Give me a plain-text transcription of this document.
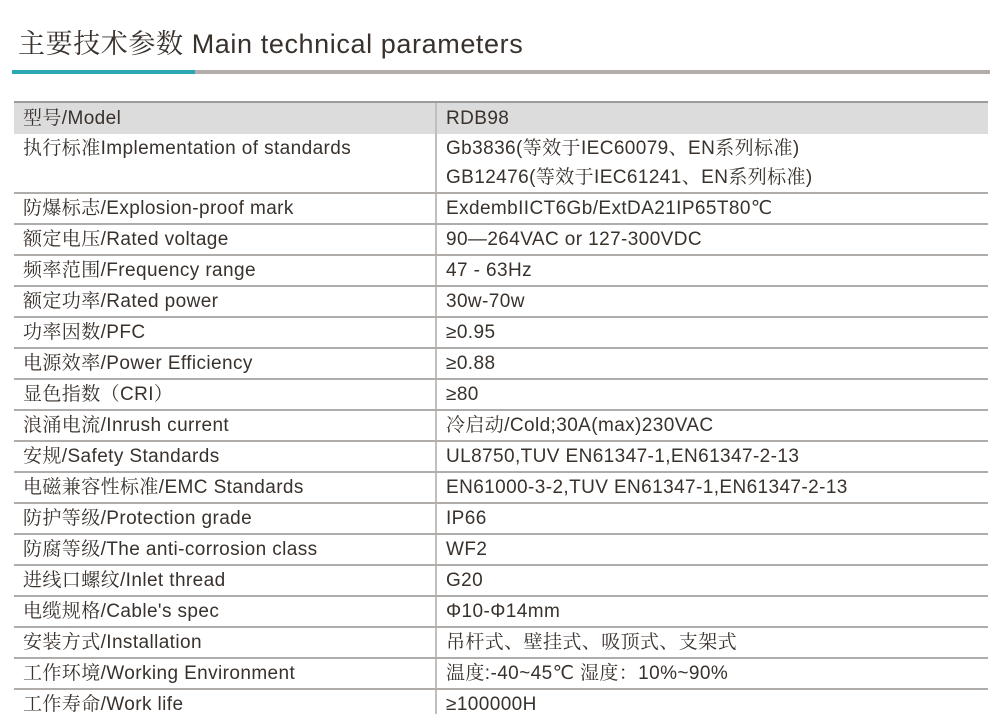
主要技术参数 Main technical parameters
型号/Model	RDB98
执行标准Implementation of standards	Gb3836(等效于IEC60079、EN系列标准)
GB12476(等效于IEC61241、EN系列标准)
防爆标志/Explosion-proof mark	ExdembIICT6Gb/ExtDA21IP65T80℃
额定电压/Rated voltage	90—264VAC or 127-300VDC
频率范围/Frequency range	47 - 63Hz
额定功率/Rated power	30w-70w
功率因数/PFC	≥0.95
电源效率/Power Efficiency	≥0.88
显色指数（CRI）	≥80
浪涌电流/Inrush current	冷启动/Cold;30A(max)230VAC
安规/Safety Standards	UL8750,TUV EN61347-1,EN61347-2-13
电磁兼容性标准/EMC Standards	EN61000-3-2,TUV EN61347-1,EN61347-2-13
防护等级/Protection grade	IP66
防腐等级/The anti-corrosion class	WF2
进线口螺纹/Inlet thread	G20
电缆规格/Cable's spec	Φ10-Φ14mm
安装方式/Installation	吊杆式、壁挂式、吸顶式、支架式
工作环境/Working Environment	温度:-40~45℃ 湿度：10%~90%
工作寿命/Work life	≥100000H
